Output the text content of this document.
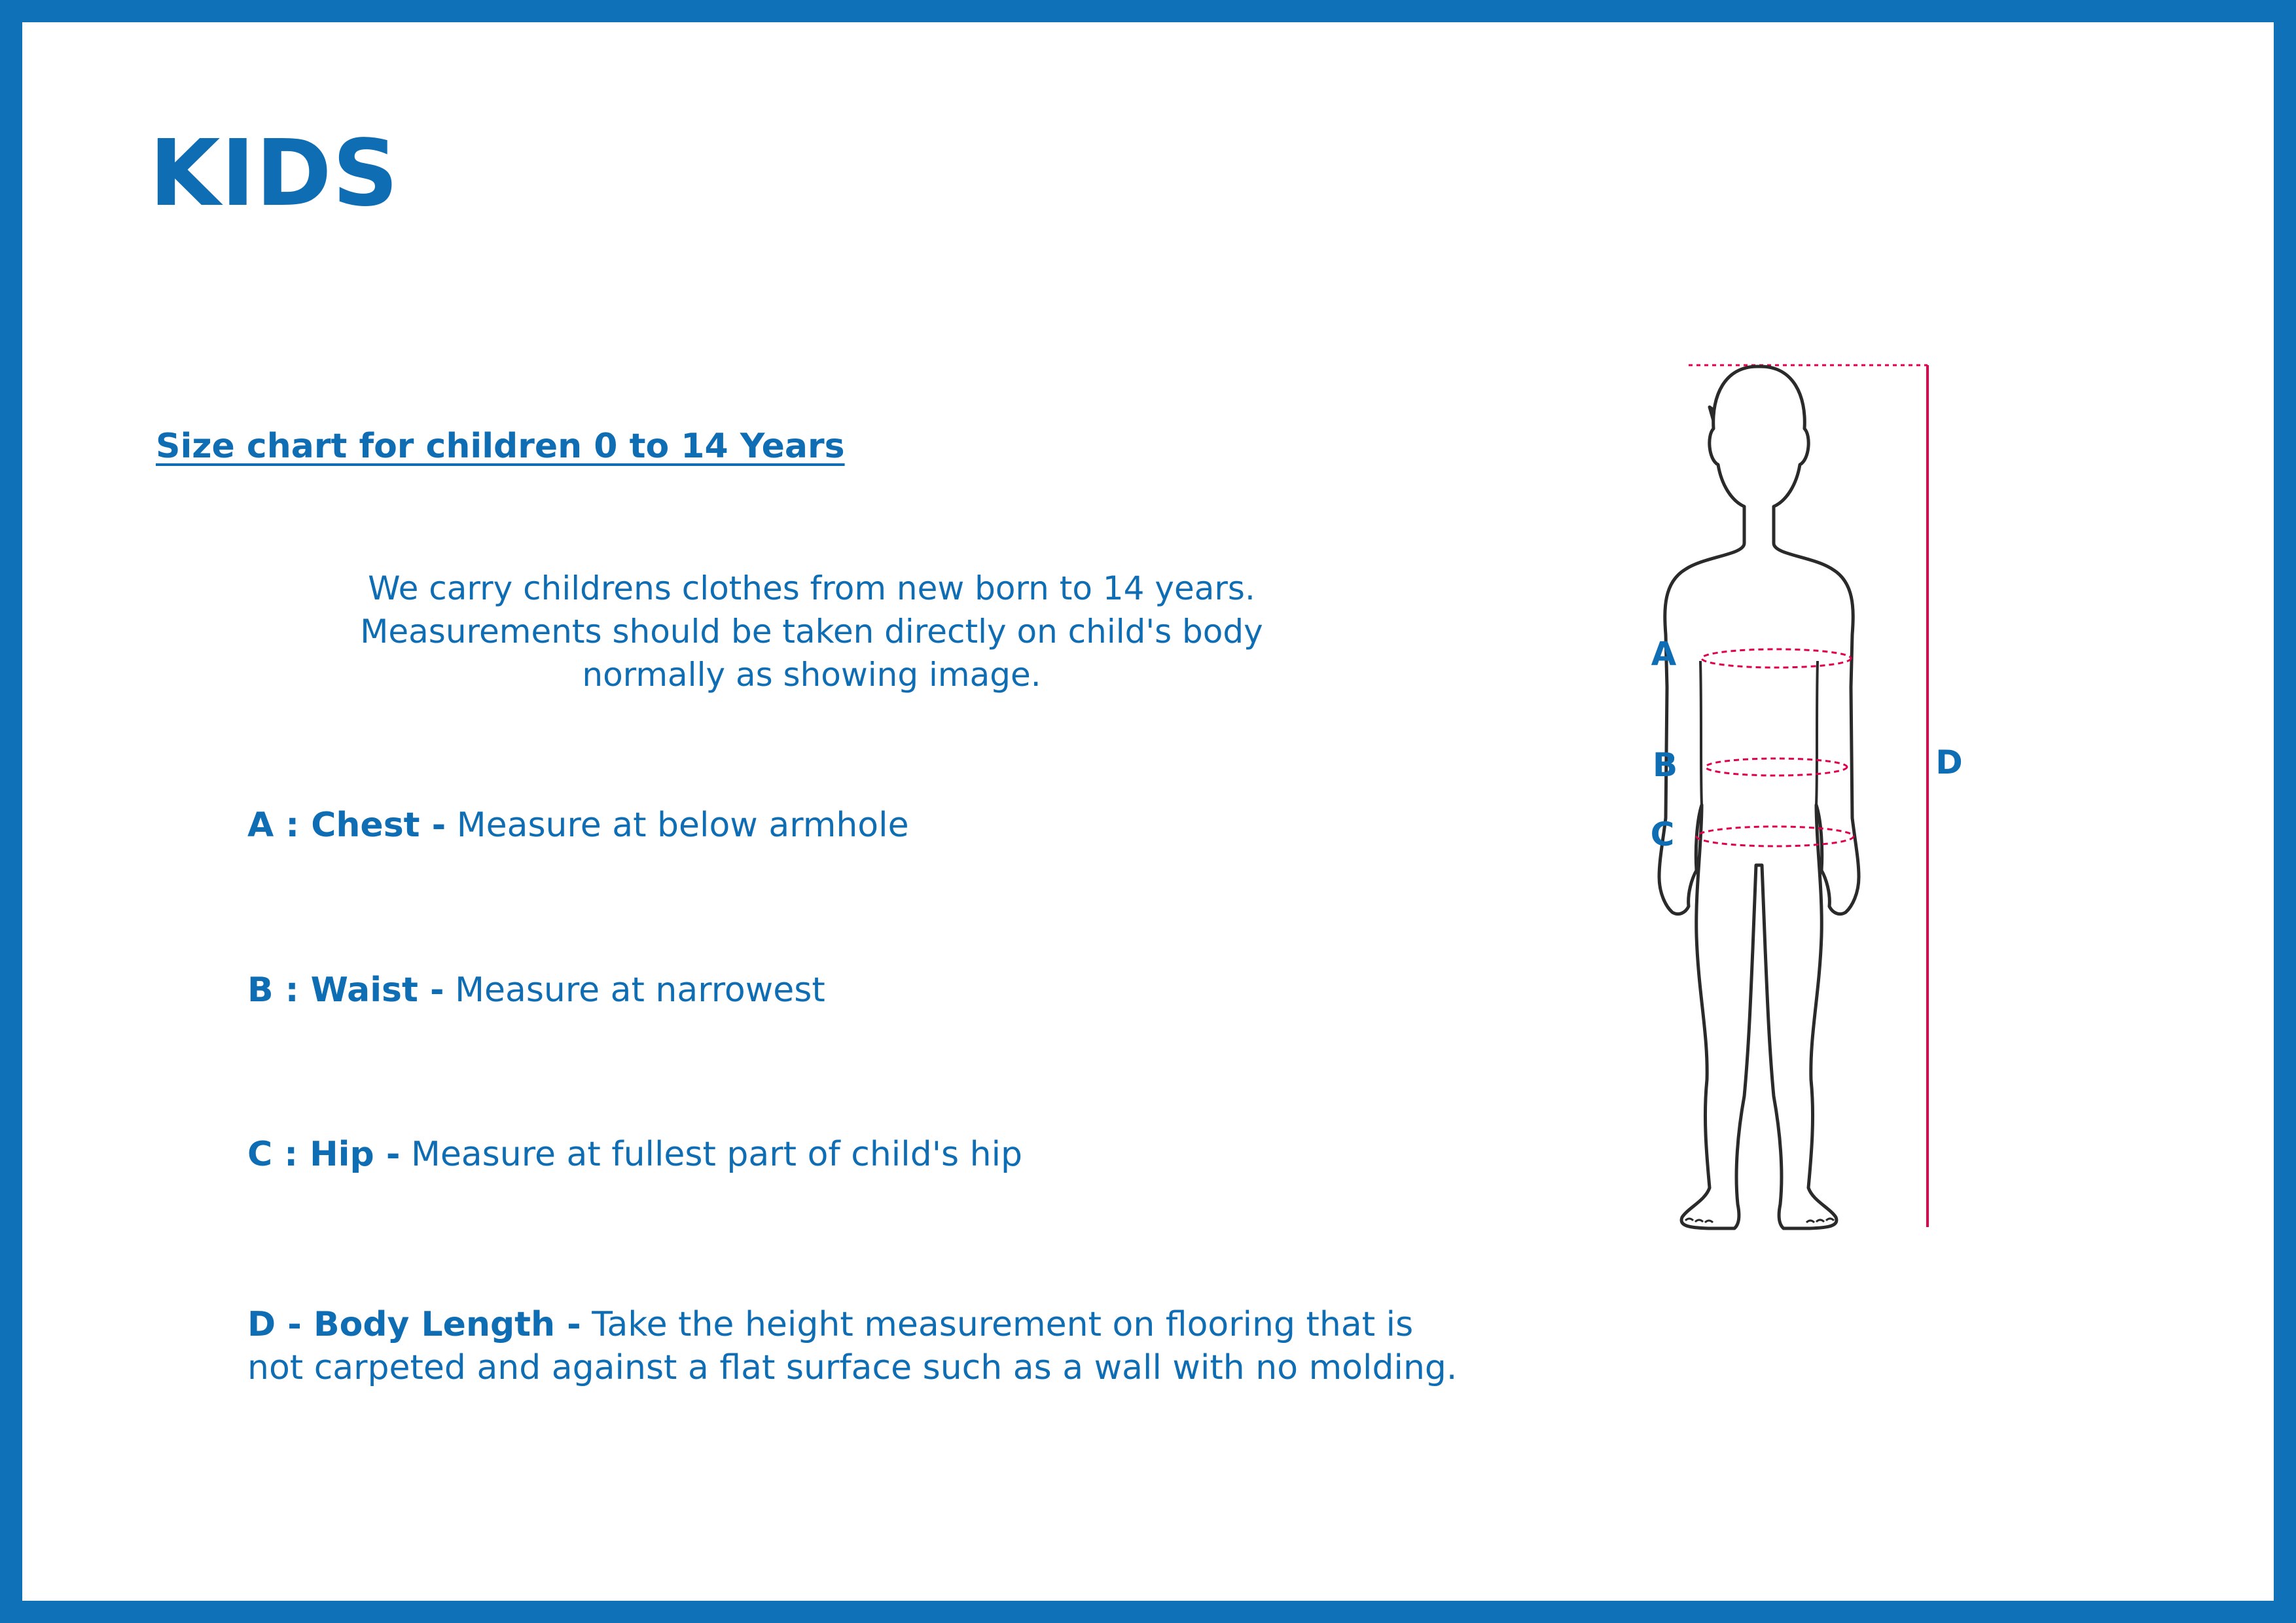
KIDS
Size chart for children 0 to 14 Years
We carry childrens clothes from new born to 14 years.
Measurements should be taken directly on child's body
normally as showing image.
A : Chest - Measure at below armhole
B : Waist - Measure at narrowest
C : Hip - Measure at fullest part of child's hip
D - Body Length - Take the height measurement on flooring that is
not carpeted and against a flat surface such as a wall with no molding.
A
B
C
D
